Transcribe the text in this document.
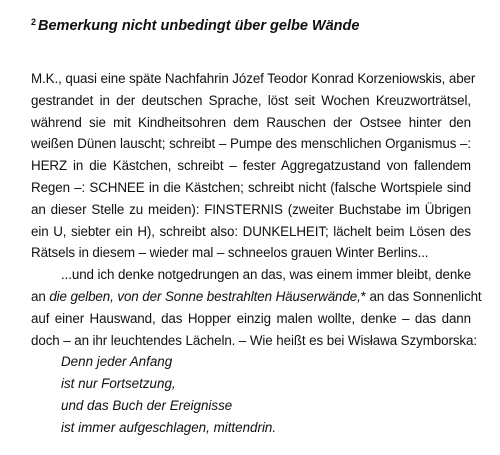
$^2$ Bemerkung nicht unbedingt über gelbe Wände

M.K., quasi eine späte Nachfahrin Józef Teodor Konrad Korzeniowskis, aber
gestrandet in der deutschen Sprache, löst seit Wochen Kreuzworträtsel,
während sie mit Kindheitsohren dem Rauschen der Ostsee hinter den
weißen Dünen lauscht; schreibt – Pumpe des menschlichen Organismus –:
HERZ in die Kästchen, schreibt – fester Aggregatzustand von fallendem
Regen –: SCHNEE in die Kästchen; schreibt nicht (falsche Wortspiele sind
an dieser Stelle zu meiden): FINSTERNIS (zweiter Buchstabe im Übrigen
ein U, siebter ein H), schreibt also: DUNKELHEIT; lächelt beim Lösen des
Rätsels in diesem – wieder mal – schneelos grauen Winter Berlins...

...und ich denke notgedrungen an das, was einem immer bleibt, denke
an die gelben, von der Sonne bestrahlten Häuserwände,* an das Sonnenlicht
auf einer Hauswand, das Hopper einzig malen wollte, denke – das dann
doch – an ihr leuchtendes Lächeln. – Wie heißt es bei Wisława Szymborska:

Denn jeder Anfang
ist nur Fortsetzung,
und das Buch der Ereignisse
ist immer aufgeschlagen, mittendrin.
